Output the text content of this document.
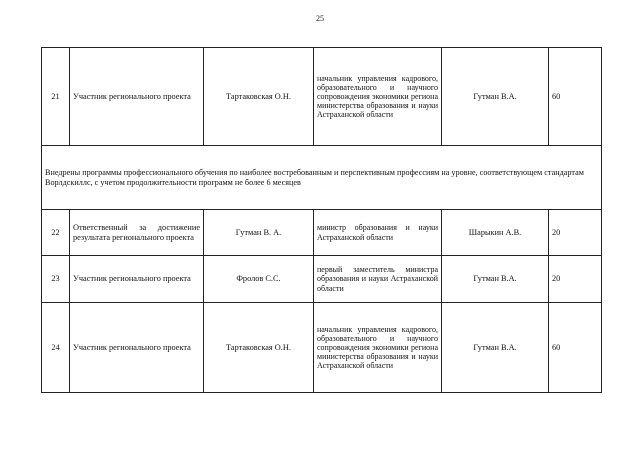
25
21	Участник регионального проекта	Тартаковская О.Н.	начальник управления кадрового, образовательного и научного сопровождения экономики региона министерства образования и науки Астраханской области	Гутман В.А.	60
Внедрены программы профессионального обучения по наиболее востребованным и перспективным профессиям на уровне, соответствующем стандартам Ворлдскиллс, с учетом продолжительности программ не более 6 месяцев					
22	Ответственный за достижение результата регионального проекта	Гутман В. А.	министр образования и науки Астраханской области	Шарыкин А.В.	20
23	Участник регионального проекта	Фролов С.С.	первый заместитель министра образования и науки Астраханской области	Гутман В.А.	20
24	Участник регионального проекта	Тартаковская О.Н.	начальник управления кадрового, образовательного и научного сопровождения экономики региона министерства образования и науки Астраханской области	Гутман В.А.	60
